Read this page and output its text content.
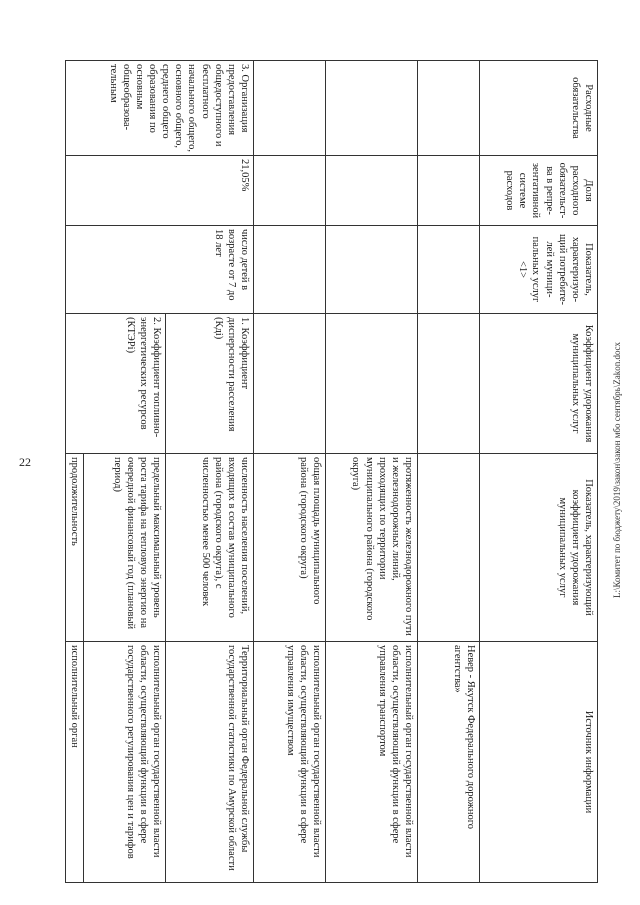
22
Расходные обязательства	Доля расходного обязательст-ва в репре-зентативной системе расходов	Показатель, характеризую-щий потребите-лей муници-пальных услуг <1>	Коэффициент удорожания муниципальных услуг	Показатель, характеризующий коэффициент удорожания муниципальных услуг	Источник информации
					Невер - Якутск Федерального дорожного агентства»
				протяженность железнодорожного пути и железнодорожных линий, проходящих по территории муниципального района (городского округа)	исполнительный орган государственной власти области, осуществляющий функции в сфере управления транспортом
				общая площадь муниципального района (городского округа)	исполнительный орган государственной власти области, осуществляющий функции в сфере управления имуществом
3. Организация предоставления общедоступного и бесплатного начального общего, основного общего, среднего общего образования по основным общеобразова-тельным	21,05%	число детей в возрасте от 7 до 18 лет	1. Коэффициент дисперсности расселения (Кдi)	численность населения поселений, входящих в состав муниципального района (городского округа), с численностью менее 500 человек	Территориальный орган Федеральной службы государственной статистики по Амурской области
			2. Коэффициент топливно-энергетических ресурсов (КТЭРi)	предельный максимальный уровень роста тарифа на тепловую энергию на очередной финансовый год (плановый период)	исполнительный орган государственной власти области, осуществляющий функции в сфере государственного регулирования цен и тарифов
				продолжительность	исполнительный орган
L:\Комитет по бюджету\2019\закон\закон мбо сентябрь\Zakon.docx
